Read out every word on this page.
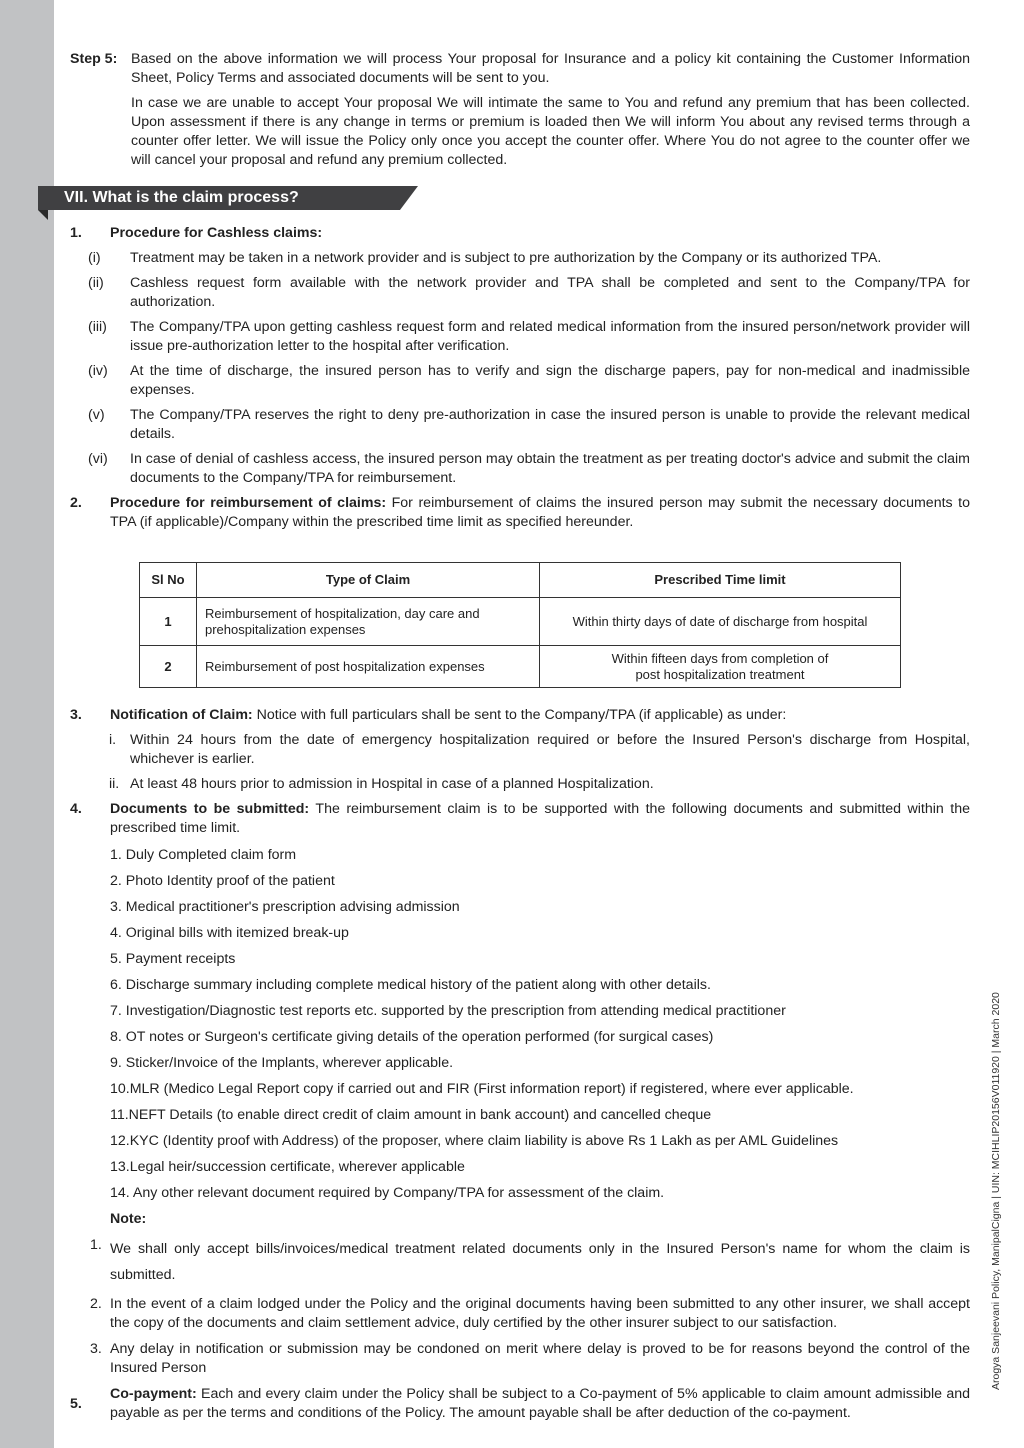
Step 5: Based on the above information we will process Your proposal for Insurance and a policy kit containing the Customer Information Sheet, Policy Terms and associated documents will be sent to you.

In case we are unable to accept Your proposal We will intimate the same to You and refund any premium that has been collected. Upon assessment if there is any change in terms or premium is loaded then We will inform You about any revised terms through a counter offer letter. We will issue the Policy only once you accept the counter offer. Where You do not agree to the counter offer we will cancel your proposal and refund any premium collected.

VII. What is the claim process?
1. Procedure for Cashless claims:
(i) Treatment may be taken in a network provider and is subject to pre authorization by the Company or its authorized TPA.

(ii) Cashless request form available with the network provider and TPA shall be completed and sent to the Company/TPA for authorization.

(iii) The Company/TPA upon getting cashless request form and related medical information from the insured person/network provider will issue pre-authorization letter to the hospital after verification.

(iv) At the time of discharge, the insured person has to verify and sign the discharge papers, pay for non-medical and inadmissible expenses.

(v) The Company/TPA reserves the right to deny pre-authorization in case the insured person is unable to provide the relevant medical details.

(vi) In case of denial of cashless access, the insured person may obtain the treatment as per treating doctor's advice and submit the claim documents to the Company/TPA for reimbursement.

2. Procedure for reimbursement of claims: For reimbursement of claims the insured person may submit the necessary documents to TPA (if applicable)/Company within the prescribed time limit as specified hereunder.

Sl No	Type of Claim	Prescribed Time limit
1	Reimbursement of hospitalization, day care and prehospitalization expenses	Within thirty days of date of discharge from hospital
2	Reimbursement of post hospitalization expenses	Within fifteen days from completion of
post hospitalization treatment
3. Notification of Claim: Notice with full particulars shall be sent to the Company/TPA (if applicable) as under:

i. Within 24 hours from the date of emergency hospitalization required or before the Insured Person's discharge from Hospital, whichever is earlier.

ii. At least 48 hours prior to admission in Hospital in case of a planned Hospitalization.

4. Documents to be submitted: The reimbursement claim is to be supported with the following documents and submitted within the prescribed time limit.

1. Duly Completed claim form
2. Photo Identity proof of the patient
3. Medical practitioner's prescription advising admission
4. Original bills with itemized break-up
5. Payment receipts
6. Discharge summary including complete medical history of the patient along with other details.
7. Investigation/Diagnostic test reports etc. supported by the prescription from attending medical practitioner
8. OT notes or Surgeon's certificate giving details of the operation performed (for surgical cases)
9. Sticker/Invoice of the Implants, wherever applicable.
10.MLR (Medico Legal Report copy if carried out and FIR (First information report) if registered, where ever applicable.
11.NEFT Details (to enable direct credit of claim amount in bank account) and cancelled cheque
12.KYC (Identity proof with Address) of the proposer, where claim liability is above Rs 1 Lakh as per AML Guidelines
13.Legal heir/succession certificate, wherever applicable
14. Any other relevant document required by Company/TPA for assessment of the claim.
Note:
1. We shall only accept bills/invoices/medical treatment related documents only in the Insured Person's name for whom the claim is submitted.

2. In the event of a claim lodged under the Policy and the original documents having been submitted to any other insurer, we shall accept the copy of the documents and claim settlement advice, duly certified by the other insurer subject to our satisfaction.

3. Any delay in notification or submission may be condoned on merit where delay is proved to be for reasons beyond the control of the Insured Person

5.

Co-payment: Each and every claim under the Policy shall be subject to a Co-payment of 5% applicable to claim amount admissible and payable as per the terms and conditions of the Policy. The amount payable shall be after deduction of the co-payment.

Arogya Sanjeevani Policy, ManipalCigna | UIN: MCIHLIP20156V011920 | March 2020
